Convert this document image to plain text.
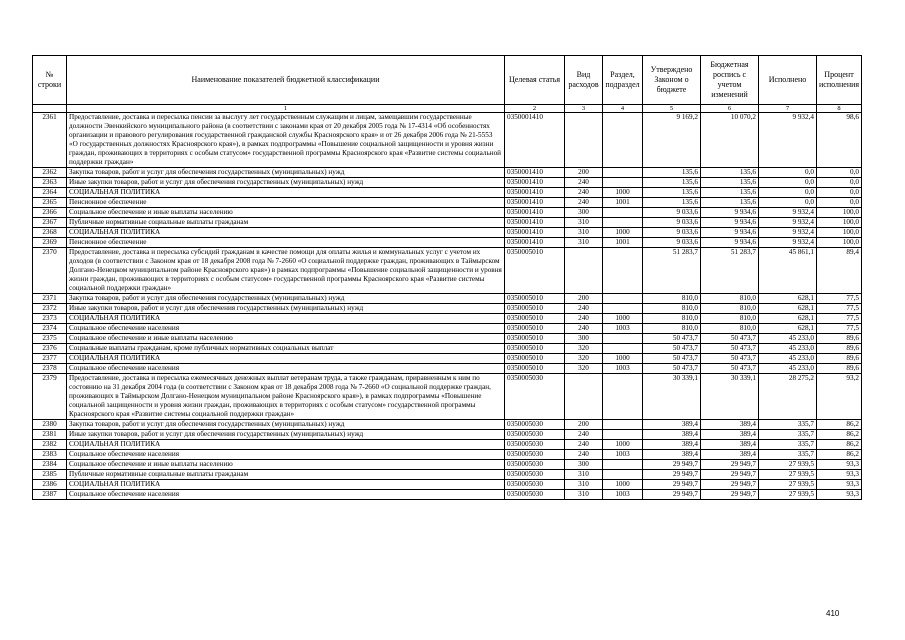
№ строки	Наименование показателей бюджетной классификации	Целевая статья	Вид расходов	Раздел, подраздел	Утверждено Законом о бюджете	Бюджетная роспись с учетом изменений	Исполнено	Процент исполнения
	1	2	3	4	5	6	7	8
2361	Предоставление, доставка и пересылка пенсии за выслугу лет государственным служащим и лицам, замещавшим государственные должности Эвенкийского муниципального района (в соответствии с законами края от 20 декабря 2005 года № 17-4314 «Об особенностях организации и правового регулирования государственной гражданской службы Красноярского края» и от 26 декабря 2006 года № 21-5553 «О государственных должностях Красноярского края»), в рамках подпрограммы «Повышение социальной защищенности и уровня жизни граждан, проживающих в территориях с особым статусом» государственной программы Красноярского края «Развитие системы социальной поддержки граждан»	0350001410			9 169,2	10 070,2	9 932,4	98,6
2362	Закупка товаров, работ и услуг для обеспечения государственных (муниципальных) нужд	0350001410	200		135,6	135,6	0,0	0,0
2363	Иные закупки товаров, работ и услуг для обеспечения государственных (муниципальных) нужд	0350001410	240		135,6	135,6	0,0	0,0
2364	СОЦИАЛЬНАЯ ПОЛИТИКА	0350001410	240	1000	135,6	135,6	0,0	0,0
2365	Пенсионное обеспечение	0350001410	240	1001	135,6	135,6	0,0	0,0
2366	Социальное обеспечение и иные выплаты населению	0350001410	300		9 033,6	9 934,6	9 932,4	100,0
2367	Публичные нормативные социальные выплаты гражданам	0350001410	310		9 033,6	9 934,6	9 932,4	100,0
2368	СОЦИАЛЬНАЯ ПОЛИТИКА	0350001410	310	1000	9 033,6	9 934,6	9 932,4	100,0
2369	Пенсионное обеспечение	0350001410	310	1001	9 033,6	9 934,6	9 932,4	100,0
2370	Предоставление, доставка и пересылка субсидий гражданам в качестве помощи для оплаты жилья и коммунальных услуг с учетом их доходов (в соответствии с Законом края от 18 декабря 2008 года № 7-2660 «О социальной поддержке граждан, проживающих в Таймырском Долгано-Ненецком муниципальном районе Красноярского края») в рамках подпрограммы «Повышение социальной защищенности и уровня жизни граждан, проживающих в территориях с особым статусом» государственной программы Красноярского края «Развитие системы социальной поддержки граждан»	0350005010			51 283,7	51 283,7	45 861,1	89,4
2371	Закупка товаров, работ и услуг для обеспечения государственных (муниципальных) нужд	0350005010	200		810,0	810,0	628,1	77,5
2372	Иные закупки товаров, работ и услуг для обеспечения государственных (муниципальных) нужд	0350005010	240		810,0	810,0	628,1	77,5
2373	СОЦИАЛЬНАЯ ПОЛИТИКА	0350005010	240	1000	810,0	810,0	628,1	77,5
2374	Социальное обеспечение населения	0350005010	240	1003	810,0	810,0	628,1	77,5
2375	Социальное обеспечение и иные выплаты населению	0350005010	300		50 473,7	50 473,7	45 233,0	89,6
2376	Социальные выплаты гражданам, кроме публичных нормативных социальных выплат	0350005010	320		50 473,7	50 473,7	45 233,0	89,6
2377	СОЦИАЛЬНАЯ ПОЛИТИКА	0350005010	320	1000	50 473,7	50 473,7	45 233,0	89,6
2378	Социальное обеспечение населения	0350005010	320	1003	50 473,7	50 473,7	45 233,0	89,6
2379	Предоставление, доставка и пересылка ежемесячных денежных выплат ветеранам труда, а также гражданам, приравненным к ним по состоянию на 31 декабря 2004 года (в соответствии с Законом края от 18 декабря 2008 года № 7-2660 «О социальной поддержке граждан, проживающих в Таймырском Долгано-Ненецком муниципальном районе Красноярского края»), в рамках подпрограммы «Повышение социальной защищенности и уровня жизни граждан, проживающих в территориях с особым статусом» государственной программы Красноярского края «Развитие системы социальной поддержки граждан»	0350005030			30 339,1	30 339,1	28 275,2	93,2
2380	Закупка товаров, работ и услуг для обеспечения государственных (муниципальных) нужд	0350005030	200		389,4	389,4	335,7	86,2
2381	Иные закупки товаров, работ и услуг для обеспечения государственных (муниципальных) нужд	0350005030	240		389,4	389,4	335,7	86,2
2382	СОЦИАЛЬНАЯ ПОЛИТИКА	0350005030	240	1000	389,4	389,4	335,7	86,2
2383	Социальное обеспечение населения	0350005030	240	1003	389,4	389,4	335,7	86,2
2384	Социальное обеспечение и иные выплаты населению	0350005030	300		29 949,7	29 949,7	27 939,5	93,3
2385	Публичные нормативные социальные выплаты гражданам	0350005030	310		29 949,7	29 949,7	27 939,5	93,3
2386	СОЦИАЛЬНАЯ ПОЛИТИКА	0350005030	310	1000	29 949,7	29 949,7	27 939,5	93,3
2387	Социальное обеспечение населения	0350005030	310	1003	29 949,7	29 949,7	27 939,5	93,3
410
